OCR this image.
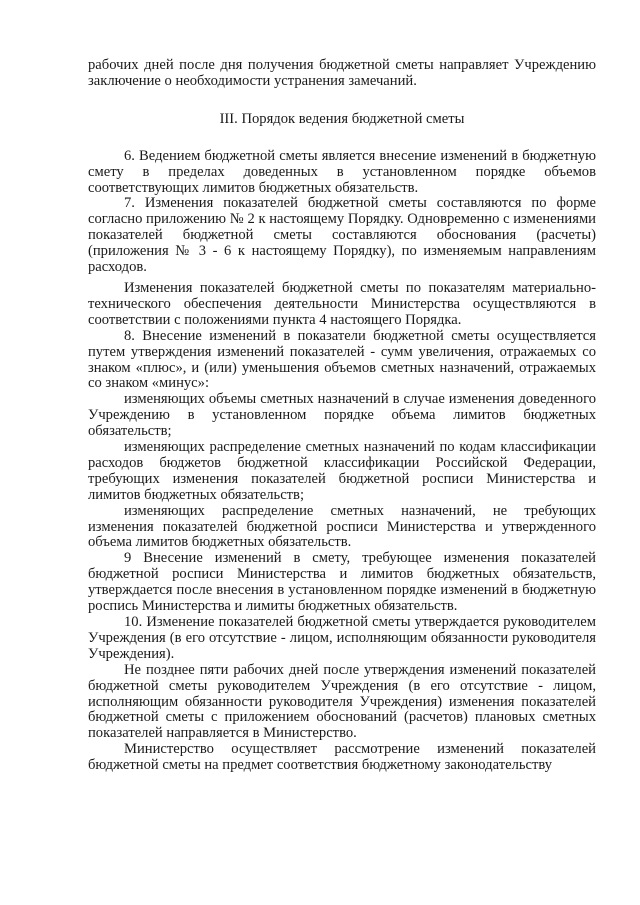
рабочих дней после дня получения бюджетной сметы направляет Учреждению заключение о необходимости устранения замечаний.

III. Порядок ведения бюджетной сметы

6. Ведением бюджетной сметы является внесение изменений в бюджетную смету в пределах доведенных в установленном порядке объемов соответствующих лимитов бюджетных обязательств.

7. Изменения показателей бюджетной сметы составляются по форме согласно приложению № 2 к настоящему Порядку. Одновременно с изменениями показателей бюджетной сметы составляются обоснования (расчеты) (приложения № 3 - 6 к настоящему Порядку), по изменяемым направлениям расходов.

Изменения показателей бюджетной сметы по показателям материально-технического обеспечения деятельности Министерства осуществляются в соответствии с положениями пункта 4 настоящего Порядка.

8. Внесение изменений в показатели бюджетной сметы осуществляется путем утверждения изменений показателей - сумм увеличения, отражаемых со знаком «плюс», и (или) уменьшения объемов сметных назначений, отражаемых со знаком «минус»:

изменяющих объемы сметных назначений в случае изменения доведенного Учреждению в установленном порядке объема лимитов бюджетных обязательств;

изменяющих распределение сметных назначений по кодам классификации расходов бюджетов бюджетной классификации Российской Федерации, требующих изменения показателей бюджетной росписи Министерства и лимитов бюджетных обязательств;

изменяющих распределение сметных назначений, не требующих изменения показателей бюджетной росписи Министерства и утвержденного объема лимитов бюджетных обязательств.

9 Внесение изменений в смету, требующее изменения показателей бюджетной росписи Министерства и лимитов бюджетных обязательств, утверждается после внесения в установленном порядке изменений в бюджетную роспись Министерства и лимиты бюджетных обязательств.

10. Изменение показателей бюджетной сметы утверждается руководителем Учреждения (в его отсутствие - лицом, исполняющим обязанности руководителя Учреждения).

Не позднее пяти рабочих дней после утверждения изменений показателей бюджетной сметы руководителем Учреждения (в его отсутствие - лицом, исполняющим обязанности руководителя Учреждения) изменения показателей бюджетной сметы с приложением обоснований (расчетов) плановых сметных показателей направляется в Министерство.

Министерство осуществляет рассмотрение изменений показателей бюджетной сметы на предмет соответствия бюджетному законодательству
